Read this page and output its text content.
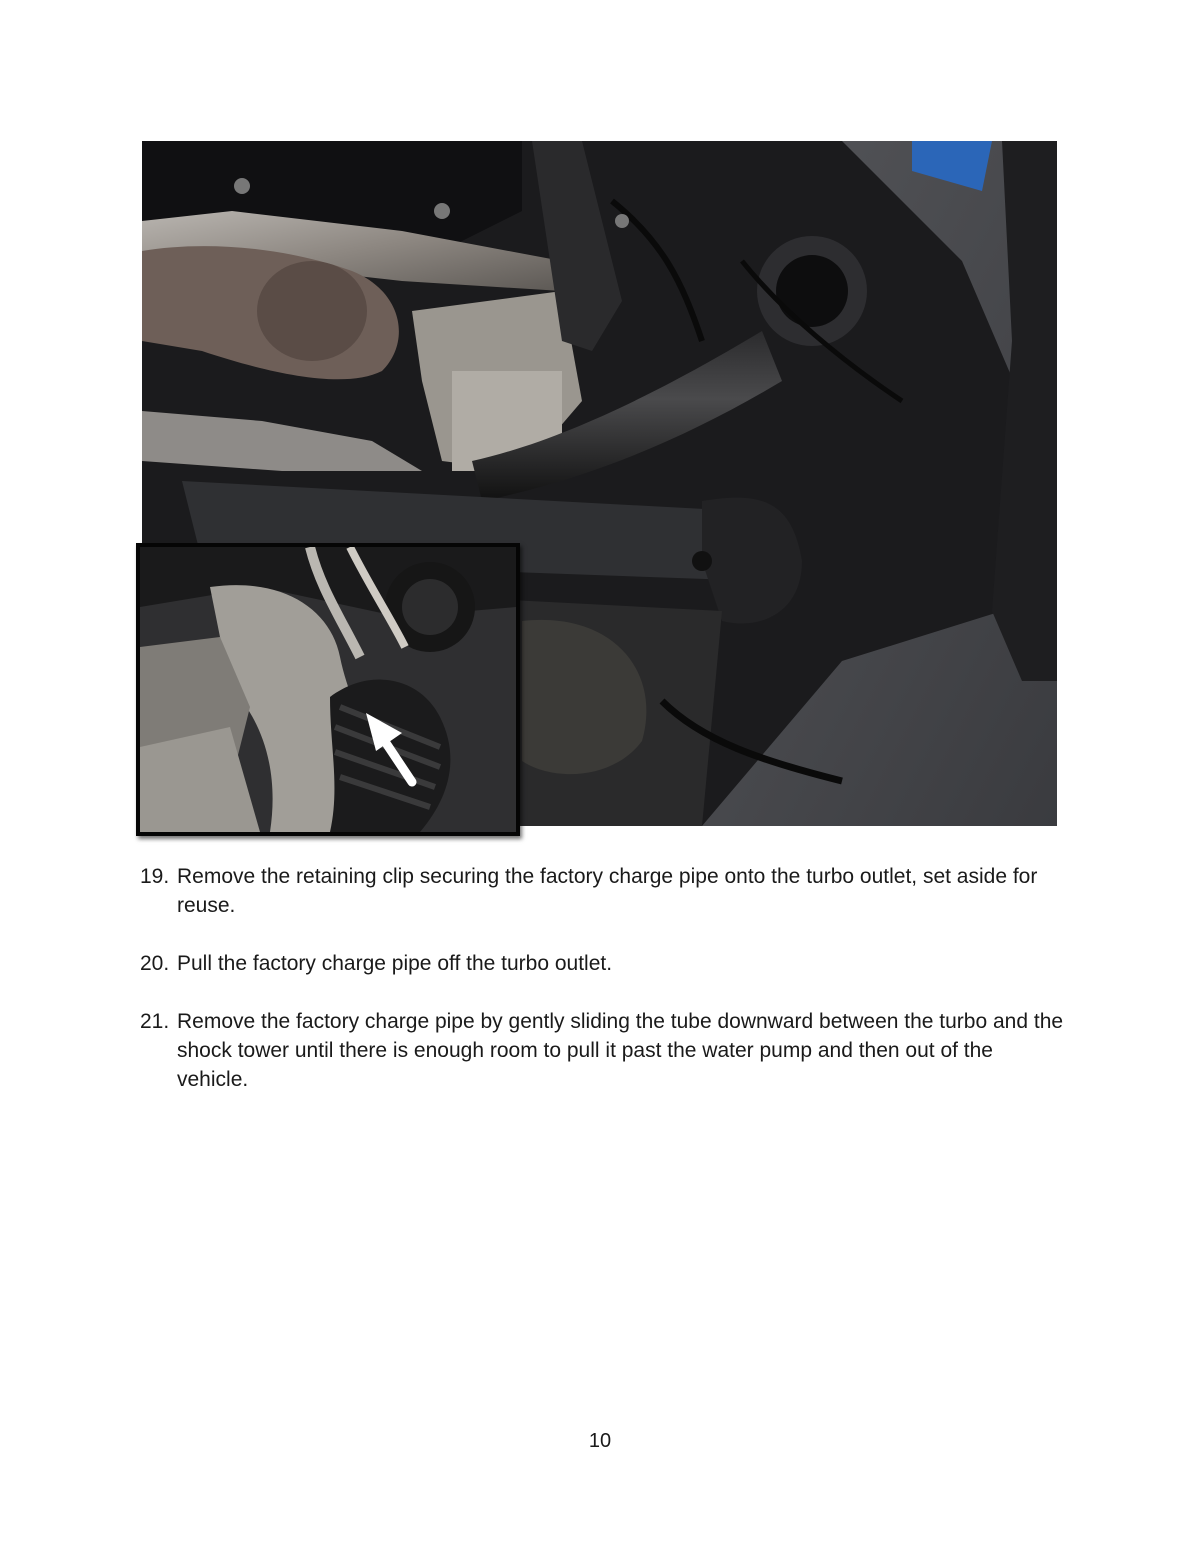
19. Remove the retaining clip securing the factory charge pipe onto the turbo outlet, set aside for reuse.
20. Pull the factory charge pipe off the turbo outlet.
21. Remove the factory charge pipe by gently sliding the tube downward between the turbo and the shock tower until there is enough room to pull it past the water pump and then out of the vehicle.
10
